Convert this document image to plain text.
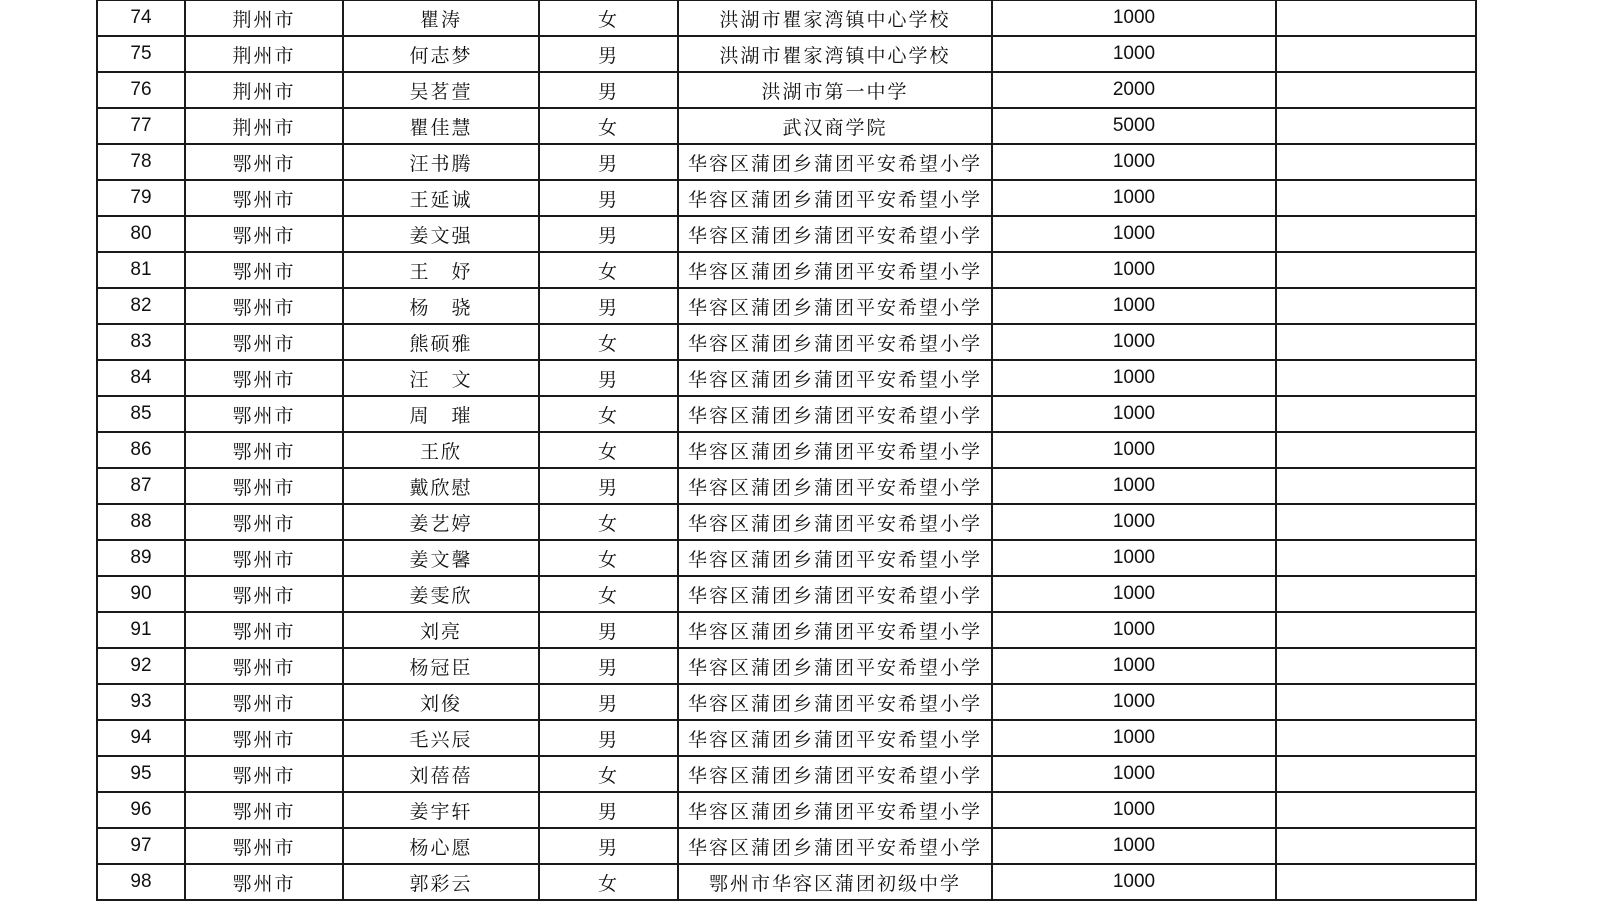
74	荆州市	瞿涛	女	洪湖市瞿家湾镇中心学校	1000	
75	荆州市	何志梦	男	洪湖市瞿家湾镇中心学校	1000	
76	荆州市	吴茗萱	男	洪湖市第一中学	2000	
77	荆州市	瞿佳慧	女	武汉商学院	5000	
78	鄂州市	汪书腾	男	华容区蒲团乡蒲团平安希望小学	1000	
79	鄂州市	王延诚	男	华容区蒲团乡蒲团平安希望小学	1000	
80	鄂州市	姜文强	男	华容区蒲团乡蒲团平安希望小学	1000	
81	鄂州市	王　妤	女	华容区蒲团乡蒲团平安希望小学	1000	
82	鄂州市	杨　骁	男	华容区蒲团乡蒲团平安希望小学	1000	
83	鄂州市	熊硕雅	女	华容区蒲团乡蒲团平安希望小学	1000	
84	鄂州市	汪　文	男	华容区蒲团乡蒲团平安希望小学	1000	
85	鄂州市	周　璀	女	华容区蒲团乡蒲团平安希望小学	1000	
86	鄂州市	王欣	女	华容区蒲团乡蒲团平安希望小学	1000	
87	鄂州市	戴欣慰	男	华容区蒲团乡蒲团平安希望小学	1000	
88	鄂州市	姜艺婷	女	华容区蒲团乡蒲团平安希望小学	1000	
89	鄂州市	姜文馨	女	华容区蒲团乡蒲团平安希望小学	1000	
90	鄂州市	姜雯欣	女	华容区蒲团乡蒲团平安希望小学	1000	
91	鄂州市	刘亮	男	华容区蒲团乡蒲团平安希望小学	1000	
92	鄂州市	杨冠臣	男	华容区蒲团乡蒲团平安希望小学	1000	
93	鄂州市	刘俊	男	华容区蒲团乡蒲团平安希望小学	1000	
94	鄂州市	毛兴辰	男	华容区蒲团乡蒲团平安希望小学	1000	
95	鄂州市	刘蓓蓓	女	华容区蒲团乡蒲团平安希望小学	1000	
96	鄂州市	姜宇轩	男	华容区蒲团乡蒲团平安希望小学	1000	
97	鄂州市	杨心愿	男	华容区蒲团乡蒲团平安希望小学	1000	
98	鄂州市	郭彩云	女	鄂州市华容区蒲团初级中学	1000	
